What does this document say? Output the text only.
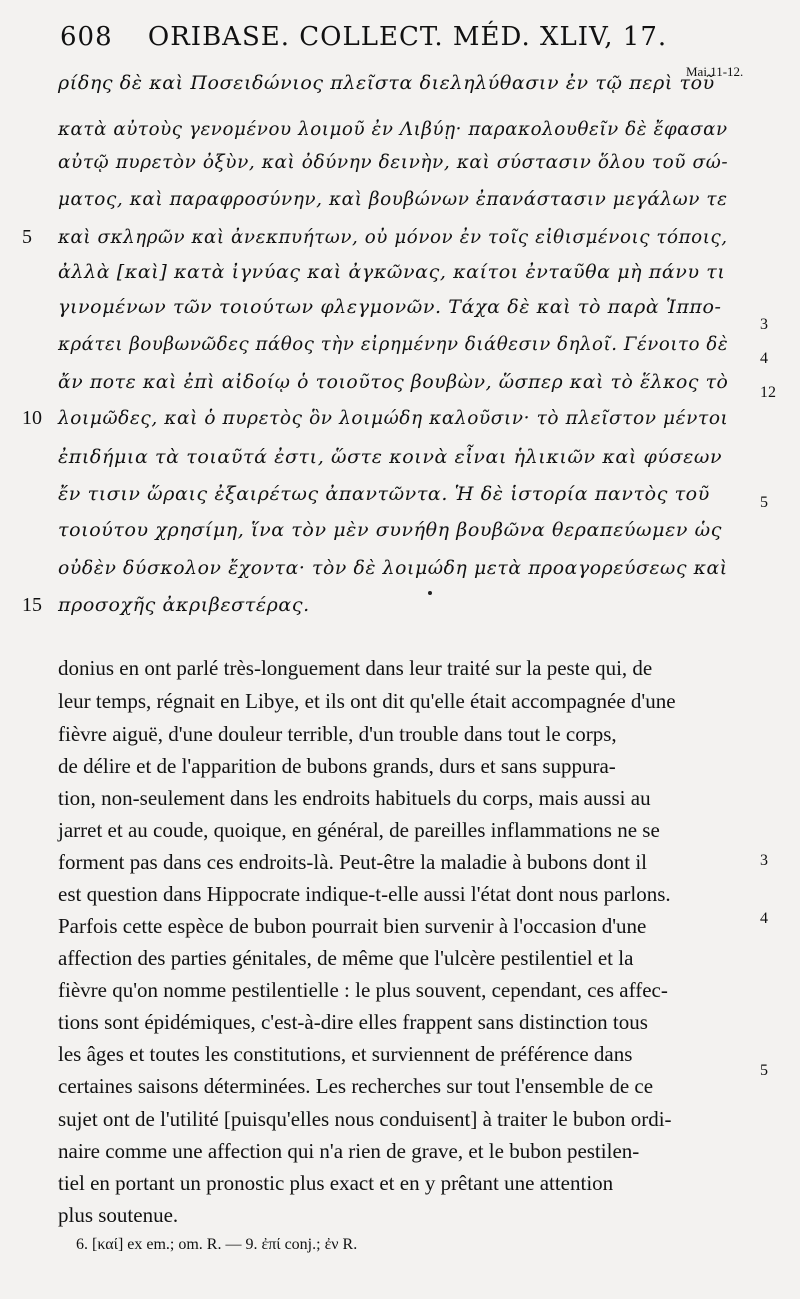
608 ORIBASE. COLLECT. MÉD. XLIV, 17.
Mai 11-12.
ρίδης δὲ καὶ Ποσειδώνιος πλεῖστα διεληλύθασιν ἐν τῷ περὶ τοῦ
κατὰ αὐτοὺς γενομένου λοιμοῦ ἐν Λιβύῃ· παρακολουθεῖν δὲ ἔφασαν
αὐτῷ πυρετὸν ὀξὺν, καὶ ὀδύνην δεινὴν, καὶ σύστασιν ὅλου τοῦ σώ-
ματος, καὶ παραφροσύνην, καὶ βουβώνων ἐπανάστασιν μεγάλων τε
καὶ σκληρῶν καὶ ἀνεκπυήτων, οὐ μόνον ἐν τοῖς εἰθισμένοις τόποις,
ἀλλὰ [καὶ] κατὰ ἰγνύας καὶ ἀγκῶνας, καίτοι ἐνταῦθα μὴ πάνυ τι
γινομένων τῶν τοιούτων φλεγμονῶν. Τάχα δὲ καὶ τὸ παρὰ Ἱππο-
κράτει βουβωνῶδες πάθος τὴν εἰρημένην διάθεσιν δηλοῖ. Γένοιτο δὲ
ἄν ποτε καὶ ἐπὶ αἰδοίῳ ὁ τοιοῦτος βουβὼν, ὥσπερ καὶ τὸ ἕλκος τὸ
λοιμῶδες, καὶ ὁ πυρετὸς ὃν λοιμώδη καλοῦσιν· τὸ πλεῖστον μέντοι
ἐπιδήμια τὰ τοιαῦτά ἐστι, ὥστε κοινὰ εἶναι ἡλικιῶν καὶ φύσεων
ἔν τισιν ὥραις ἐξαιρέτως ἀπαντῶντα. Ἡ δὲ ἱστορία παντὸς τοῦ
τοιούτου χρησίμη, ἵνα τὸν μὲν συνήθη βουβῶνα θεραπεύωμεν ὡς
οὐδὲν δύσκολον ἔχοντα· τὸν δὲ λοιμώδη μετὰ προαγορεύσεως καὶ
προσοχῆς ἀκριβεστέρας.
5
10
15
3
4
12
5
donius en ont parlé très-longuement dans leur traité sur la peste qui, de
leur temps, régnait en Libye, et ils ont dit qu'elle était accompagnée d'une
fièvre aiguë, d'une douleur terrible, d'un trouble dans tout le corps,
de délire et de l'apparition de bubons grands, durs et sans suppura-
tion, non-seulement dans les endroits habituels du corps, mais aussi au
jarret et au coude, quoique, en général, de pareilles inflammations ne se
forment pas dans ces endroits-là. Peut-être la maladie à bubons dont il
est question dans Hippocrate indique-t-elle aussi l'état dont nous parlons.
Parfois cette espèce de bubon pourrait bien survenir à l'occasion d'une
affection des parties génitales, de même que l'ulcère pestilentiel et la
fièvre qu'on nomme pestilentielle : le plus souvent, cependant, ces affec-
tions sont épidémiques, c'est-à-dire elles frappent sans distinction tous
les âges et toutes les constitutions, et surviennent de préférence dans
certaines saisons déterminées. Les recherches sur tout l'ensemble de ce
sujet ont de l'utilité [puisqu'elles nous conduisent] à traiter le bubon ordi-
naire comme une affection qui n'a rien de grave, et le bubon pestilen-
tiel en portant un pronostic plus exact et en y prêtant une attention
plus soutenue.
3
4
5
6. [καί] ex em.; om. R. — 9. ἐπί conj.; ἐν R.
